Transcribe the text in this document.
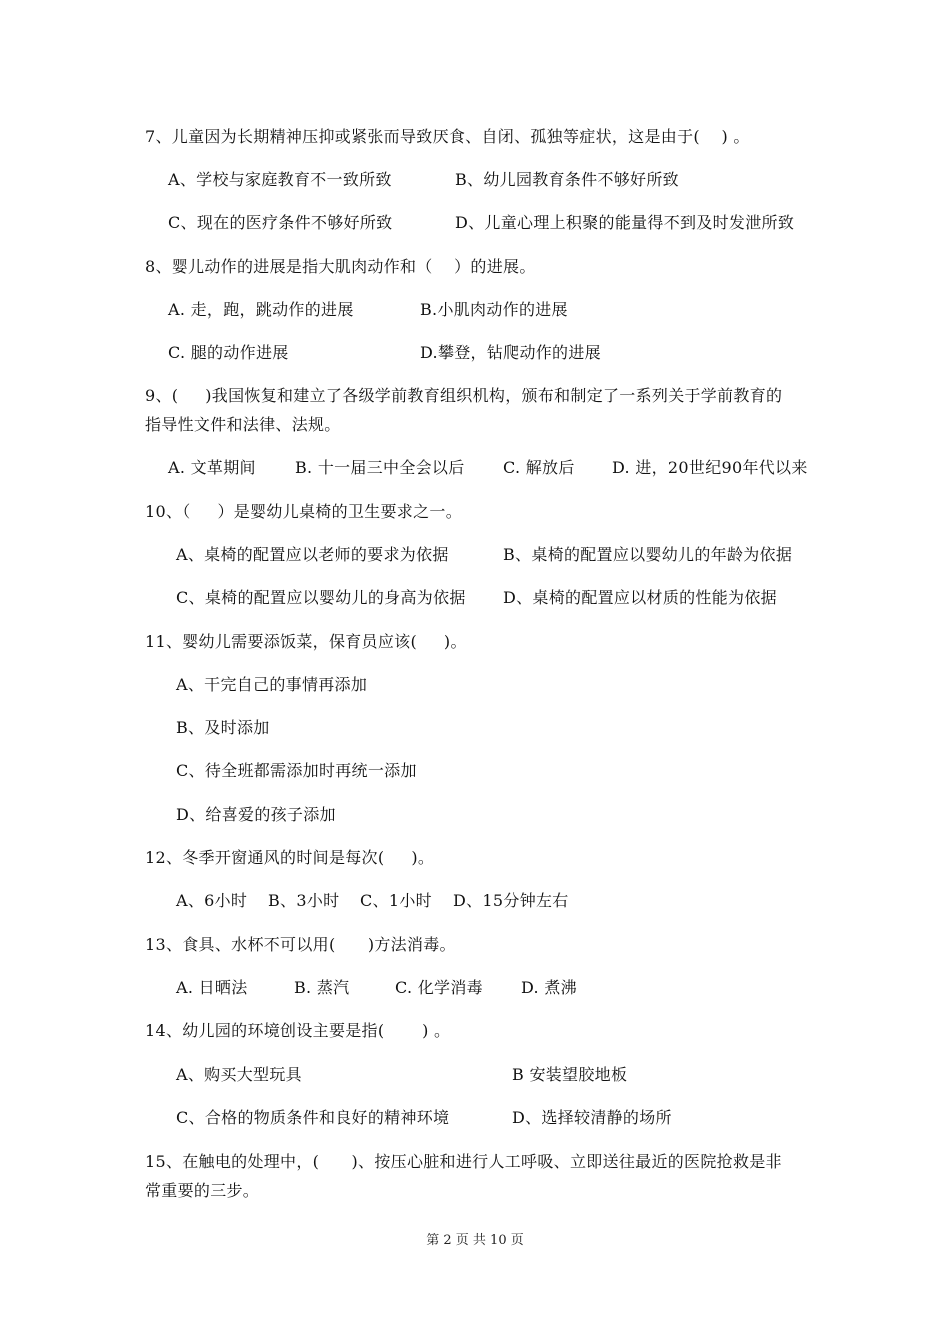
7、儿童因为长期精神压抑或紧张而导致厌食、自闭、孤独等症状，这是由于(    ) 。
A、学校与家庭教育不一致所致	B、幼儿园教育条件不够好所致
C、现在的医疗条件不够好所致	D、儿童心理上积聚的能量得不到及时发泄所致
8、婴儿动作的进展是指大肌肉动作和（    ）的进展。
A. 走，跑，跳动作的进展	B.小肌肉动作的进展
C. 腿的动作进展	D.攀登，钻爬动作的进展
9、(     )我国恢复和建立了各级学前教育组织机构，颁布和制定了一系列关于学前教育的
指导性文件和法律、法规。
A. 文革期间 B. 十一届三中全会以后 C. 解放后 D. 进，20世纪90年代以来
10、（     ）是婴幼儿桌椅的卫生要求之一。
A、桌椅的配置应以老师的要求为依据	B、桌椅的配置应以婴幼儿的年龄为依据
C、桌椅的配置应以婴幼儿的身高为依据 D、桌椅的配置应以材质的性能为依据
11、婴幼儿需要添饭菜，保育员应该(     )。
A、干完自己的事情再添加
B、及时添加
C、待全班都需添加时再统一添加
D、给喜爱的孩子添加
12、冬季开窗通风的时间是每次(     )。
A、6小时 B、3小时 C、1小时 D、15分钟左右
13、食具、水杯不可以用(      )方法消毒。
A. 日晒法	B. 蒸汽	C. 化学消毒 D. 煮沸
14、幼儿园的环境创设主要是指(       ) 。
A、购买大型玩具	B 安装望胶地板
C、合格的物质条件和良好的精神环境	D、选择较清静的场所
15、在触电的处理中，(      )、按压心脏和进行人工呼吸、立即送往最近的医院抢救是非
常重要的三步。
第 2 页 共 10 页
